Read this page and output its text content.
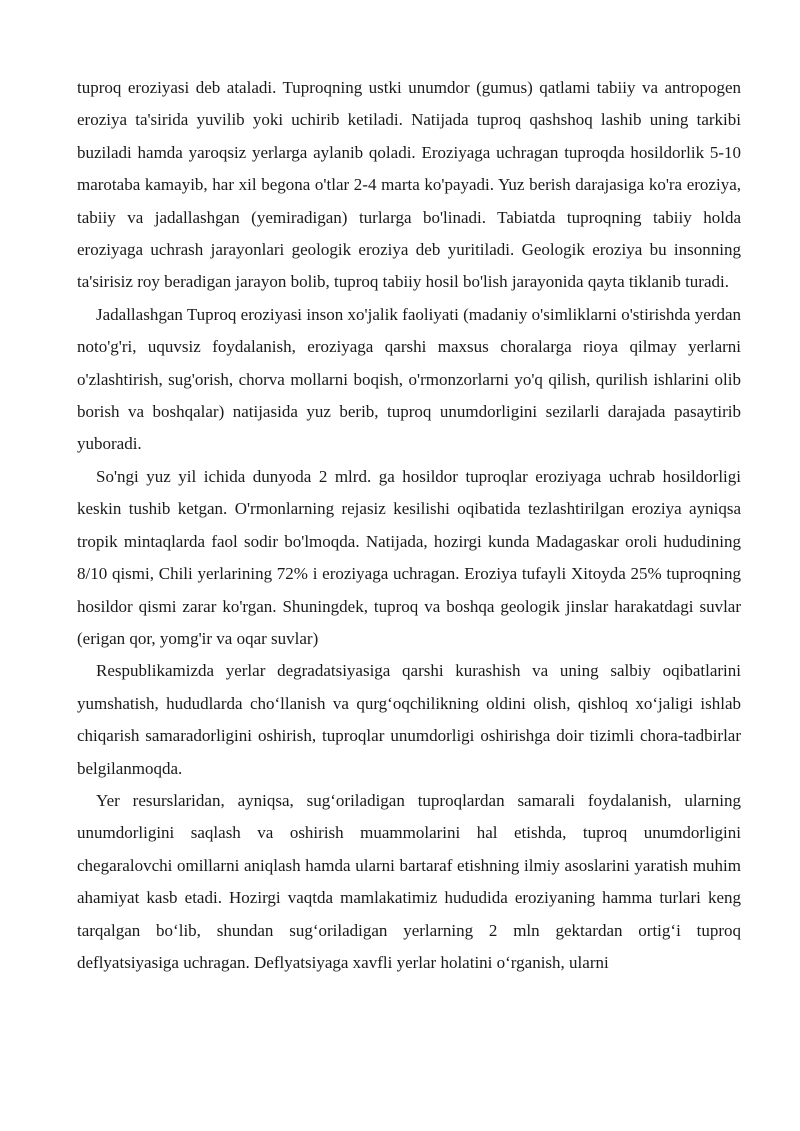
tuproq eroziyasi deb ataladi. Tuproqning ustki unumdor (gumus) qatlami tabiiy va antropogen eroziya ta'sirida yuvilib yoki uchirib ketiladi. Natijada tuproq qashshoq lashib uning tarkibi buziladi hamda yaroqsiz yerlarga aylanib qoladi. Eroziyaga uchragan tuproqda hosildorlik 5-10 marotaba kamayib, har xil begona o'tlar 2-4 marta ko'payadi. Yuz berish darajasiga ko'ra eroziya, tabiiy va jadallashgan (yemiradigan) turlarga bo'linadi. Tabiatda tuproqning tabiiy holda eroziyaga uchrash jarayonlari geologik eroziya deb yuritiladi. Geologik eroziya bu insonning ta'sirisiz roy beradigan jarayon bolib, tuproq tabiiy hosil bo'lish jarayonida qayta tiklanib turadi.

Jadallashgan Tuproq eroziyasi inson xo'jalik faoliyati (madaniy o'simliklarni o'stirishda yerdan noto'g'ri, uquvsiz foydalanish, eroziyaga qarshi maxsus choralarga rioya qilmay yerlarni o'zlashtirish, sug'orish, chorva mollarni boqish, o'rmonzorlarni yo'q qilish, qurilish ishlarini olib borish va boshqalar) natijasida yuz berib, tuproq unumdorligini sezilarli darajada pasaytirib yuboradi.

So'ngi yuz yil ichida dunyoda 2 mlrd. ga hosildor tuproqlar eroziyaga uchrab hosildorligi keskin tushib ketgan. O'rmonlarning rejasiz kesilishi oqibatida tezlashtirilgan eroziya ayniqsa tropik mintaqlarda faol sodir bo'lmoqda. Natijada, hozirgi kunda Madagaskar oroli hududining 8/10 qismi, Chili yerlarining 72% i eroziyaga uchragan. Eroziya tufayli Xitoyda 25% tuproqning hosildor qismi zarar ko'rgan. Shuningdek, tuproq va boshqa geologik jinslar harakatdagi suvlar (erigan qor, yomg'ir va oqar suvlar)

Respublikamizda yerlar degradatsiyasiga qarshi kurashish va uning salbiy oqibatlarini yumshatish, hududlarda cho‘llanish va qurg‘oqchilikning oldini olish, qishloq xo‘jaligi ishlab chiqarish samaradorligini oshirish, tuproqlar unumdorligi oshirishga doir tizimli chora-tadbirlar belgilanmoqda.

Yer resurslaridan, ayniqsa, sug‘oriladigan tuproqlardan samarali foydalanish, ularning unumdorligini saqlash va oshirish muammolarini hal etishda, tuproq unumdorligini chegaralovchi omillarni aniqlash hamda ularni bartaraf etishning ilmiy asoslarini yaratish muhim ahamiyat kasb etadi. Hozirgi vaqtda mamlakatimiz hududida eroziyaning hamma turlari keng tarqalgan bo‘lib, shundan sug‘oriladigan yerlarning 2 mln gektardan ortig‘i tuproq deflyatsiyasiga uchragan. Deflyatsiyaga xavfli yerlar holatini o‘rganish, ularni
